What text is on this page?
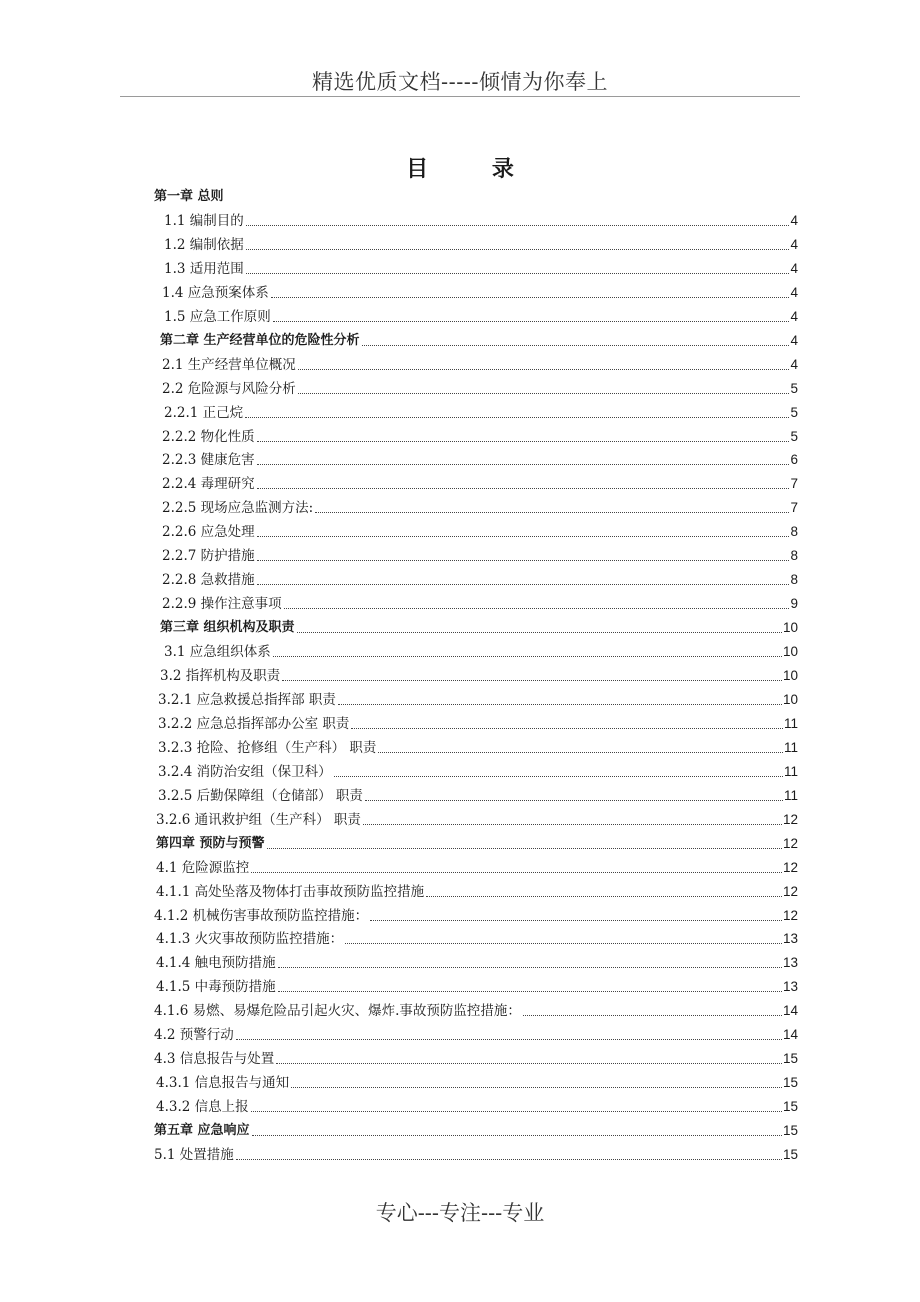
精选优质文档-----倾情为你奉上
目 录
第一章 总则
1.1 编制目的	4
1.2 编制依据	4
1.3 适用范围	4
1.4 应急预案体系	4
1.5 应急工作原则	4
第二章 生产经营单位的危险性分析	4
2.1 生产经营单位概况	4
2.2 危险源与风险分析	5
2.2.1 正己烷	5
2.2.2 物化性质	5
2.2.3 健康危害	6
2.2.4 毒理研究	7
2.2.5 现场应急监测方法:	7
2.2.6 应急处理	8
2.2.7 防护措施	8
2.2.8 急救措施	8
2.2.9 操作注意事项	9
第三章 组织机构及职责	10
3.1 应急组织体系	10
3.2 指挥机构及职责	10
3.2.1 应急救援总指挥部 职责	10
3.2.2 应急总指挥部办公室 职责	11
3.2.3 抢险、抢修组（生产科） 职责	11
3.2.4 消防治安组（保卫科）	11
3.2.5 后勤保障组（仓储部） 职责	11
3.2.6 通讯救护组（生产科） 职责	12
第四章 预防与预警	12
4.1 危险源监控	12
4.1.1 高处坠落及物体打击事故预防监控措施	12
4.1.2 机械伤害事故预防监控措施：	12
4.1.3 火灾事故预防监控措施：	13
4.1.4 触电预防措施	13
4.1.5 中毒预防措施	13
4.1.6 易燃、易爆危险品引起火灾、爆炸.事故预防监控措施：	14
4.2 预警行动	14
4.3 信息报告与处置	15
4.3.1 信息报告与通知	15
4.3.2 信息上报	15
第五章 应急响应	15
5.1 处置措施	15
专心---专注---专业
